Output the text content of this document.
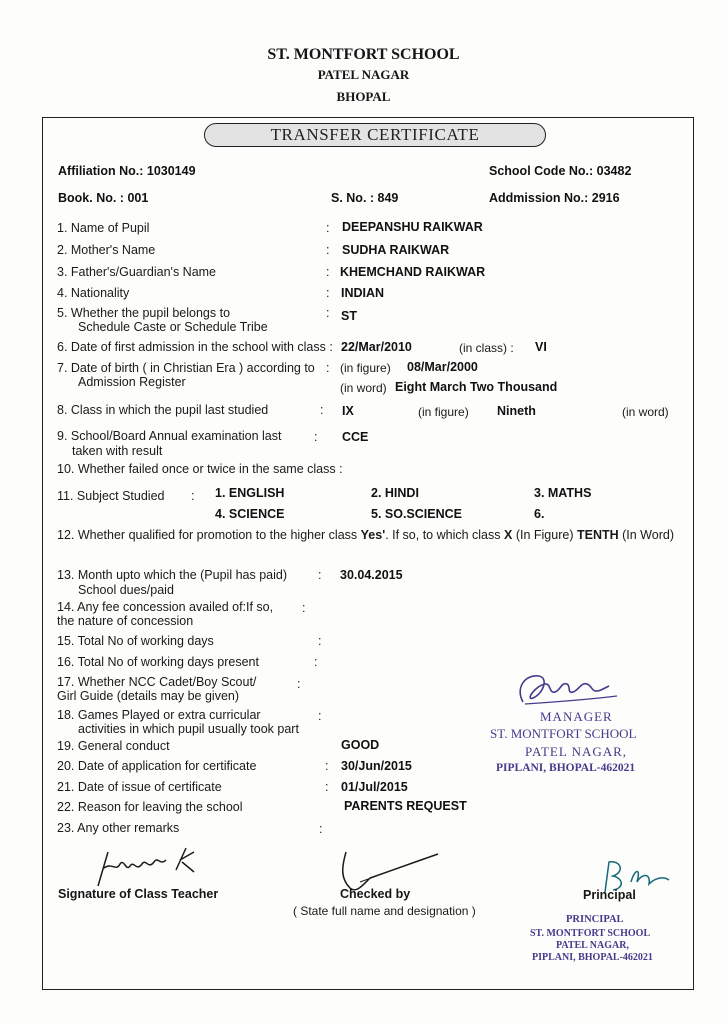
ST. MONTFORT SCHOOL
PATEL NAGAR
BHOPAL
TRANSFER CERTIFICATE
Affiliation No.: 1030149	School Code No.: 03482
Book. No. : 001	S. No. : 849	Addmission No.: 2916
1. Name of Pupil	: DEEPANSHU RAIKWAR
2. Mother's Name	: SUDHA RAIKWAR
3. Father's/Guardian's Name	: KHEMCHAND RAIKWAR
4. Nationality	: INDIAN
5. Whether the pupil belongs to
Schedule Caste or Schedule Tribe
: ST
6. Date of first admission in the school with class : 22/Mar/2010	(in class) : VI
7. Date of birth ( in Christian Era ) according to
Admission Register
: (in figure) 08/Mar/2000
(in word) Eight March Two Thousand
8. Class in which the pupil last studied	: IX	(in figure) Nineth	(in word)
9. School/Board Annual examination last
taken with result
: CCE
10. Whether failed once or twice in the same class :
11. Subject Studied : 1. ENGLISH	2. HINDI	3. MATHS
4. SCIENCE	5. SO.SCIENCE	6.
12. Whether qualified for promotion to the higher class Yes'. If so, to which class X (In Figure) TENTH (In Word)
13. Month upto which the (Pupil has paid)
School dues/paid
: 30.04.2015
14. Any fee concession availed of:If so,
the nature of concession
:
15. Total No of working days	:
16. Total No of working days present	:
17. Whether NCC Cadet/Boy Scout/
Girl Guide (details may be given)
:
18. Games Played or extra curricular
activities in which pupil usually took part
:
19. General conduct	GOOD
20. Date of application for certificate	: 30/Jun/2015
21. Date of issue of certificate	: 01/Jul/2015
22. Reason for leaving the school	PARENTS REQUEST
23. Any other remarks	:
MANAGER
ST. MONTFORT SCHOOL
PATEL NAGAR,
PIPLANI, BHOPAL-462021
Signature of Class Teacher	Checked by
( State full name and designation )
Principal
PRINCIPAL
ST. MONTFORT SCHOOL
PATEL NAGAR,
PIPLANI, BHOPAL-462021
